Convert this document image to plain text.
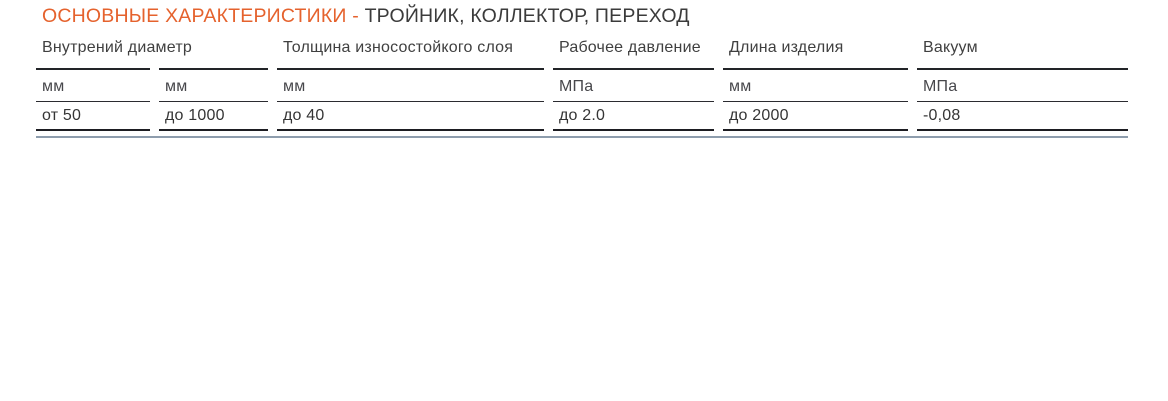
ОСНОВНЫЕ ХАРАКТЕРИСТИКИ - ТРОЙНИК, КОЛЛЕКТОР, ПЕРЕХОД
Внутрений диаметр	Толщина износостойкого слоя	Рабочее давление	Длина изделия	Вакуум
мм	мм	мм	МПа	мм	МПа
от 50	до 1000	до 40	до 2.0	до 2000	-0,08
